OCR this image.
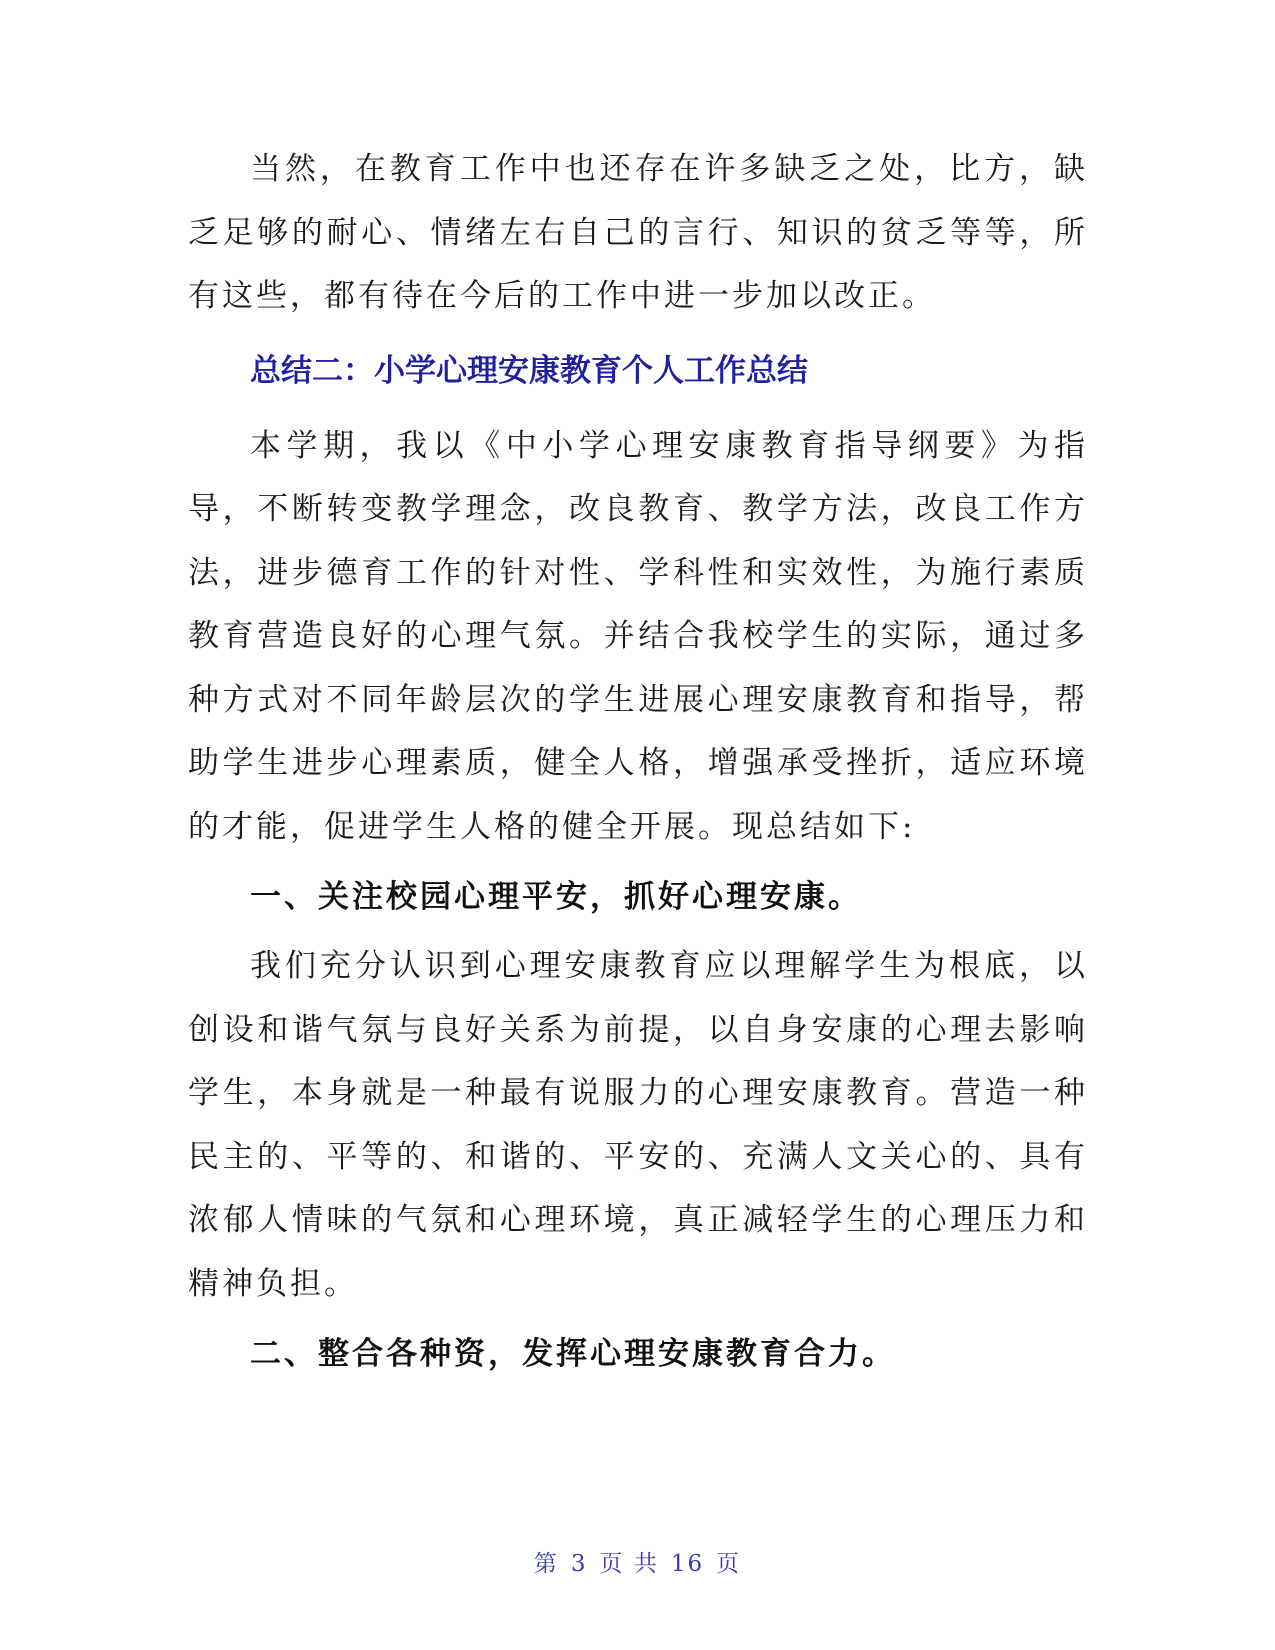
当然，在教育工作中也还存在许多缺乏之处，比方，缺乏足够的耐心、情绪左右自己的言行、知识的贫乏等等，所有这些，都有待在今后的工作中进一步加以改正。

总结二：小学心理安康教育个人工作总结

本学期，我以《中小学心理安康教育指导纲要》为指导，不断转变教学理念，改良教育、教学方法，改良工作方法，进步德育工作的针对性、学科性和实效性，为施行素质教育营造良好的心理气氛。并结合我校学生的实际，通过多种方式对不同年龄层次的学生进展心理安康教育和指导，帮助学生进步心理素质，健全人格，增强承受挫折，适应环境的才能，促进学生人格的健全开展。现总结如下:

一、关注校园心理平安，抓好心理安康。

我们充分认识到心理安康教育应以理解学生为根底，以创设和谐气氛与良好关系为前提，以自身安康的心理去影响学生，本身就是一种最有说服力的心理安康教育。营造一种民主的、平等的、和谐的、平安的、充满人文关心的、具有浓郁人情味的气氛和心理环境，真正减轻学生的心理压力和精神负担。

二、整合各种资，发挥心理安康教育合力。
第 3 页 共 16 页
